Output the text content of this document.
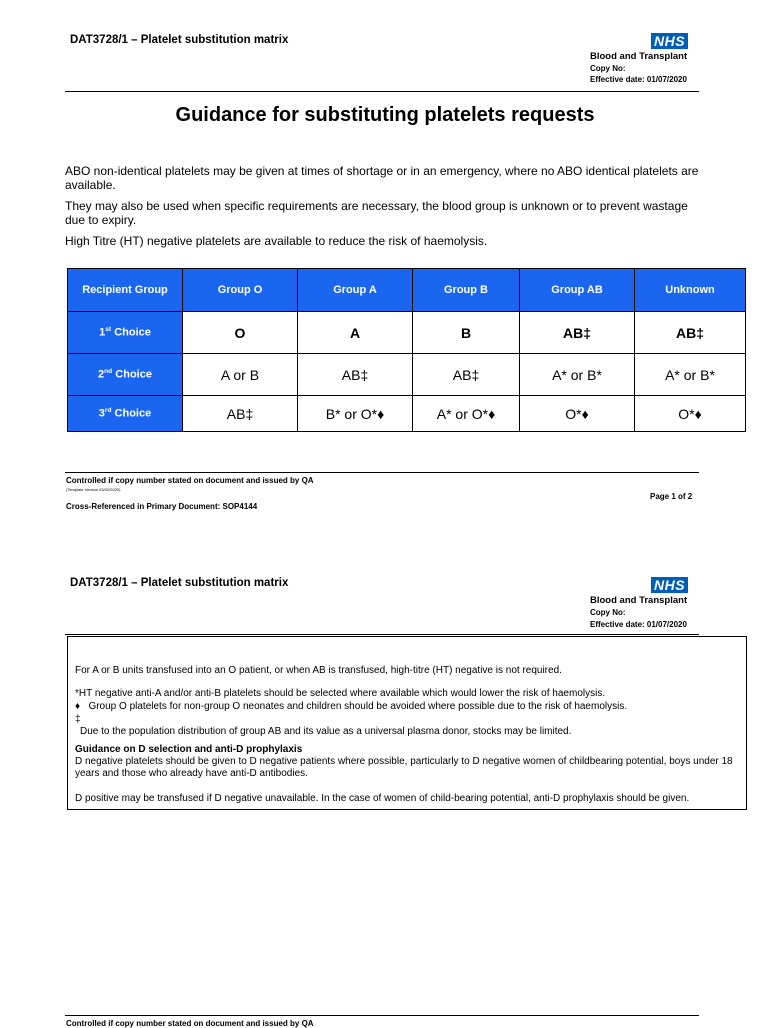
DAT3728/1 – Platelet substitution matrix	NHS
Blood and Transplant
Copy No:
Effective date: 01/07/2020
Guidance for substituting platelets requests
ABO non-identical platelets may be given at times of shortage or in an emergency, where no ABO identical platelets are available.
They may also be used when specific requirements are necessary, the blood group is unknown or to prevent wastage due to expiry.
High Titre (HT) negative platelets are available to reduce the risk of haemolysis.
Recipient Group	Group O	Group A	Group B	Group AB	Unknown
1st Choice	O	A	B	AB‡	AB‡
2nd Choice	A or B	AB‡	AB‡	A* or B*	A* or B*
3rd Choice	AB‡	B* or O*♦	A* or O*♦	O*♦	O*♦
Controlled if copy number stated on document and issued by QA
(Template Version 03/02/2020)
Page 1 of 2
Cross-Referenced in Primary Document: SOP4144
DAT3728/1 – Platelet substitution matrix	NHS
Blood and Transplant
Copy No:
Effective date: 01/07/2020
For A or B units transfused into an O patient, or when AB is transfused, high-titre (HT) negative is not required.
*HT negative anti-A and/or anti-B platelets should be selected where available which would lower the risk of haemolysis.
♦ Group O platelets for non-group O neonates and children should be avoided where possible due to the risk of haemolysis.
‡
Due to the population distribution of group AB and its value as a universal plasma donor, stocks may be limited.
Guidance on D selection and anti-D prophylaxis
D negative platelets should be given to D negative patients where possible, particularly to D negative women of childbearing potential, boys under 18 years and those who already have anti-D antibodies.
D positive may be transfused if D negative unavailable. In the case of women of child-bearing potential, anti-D prophylaxis should be given.
Controlled if copy number stated on document and issued by QA
